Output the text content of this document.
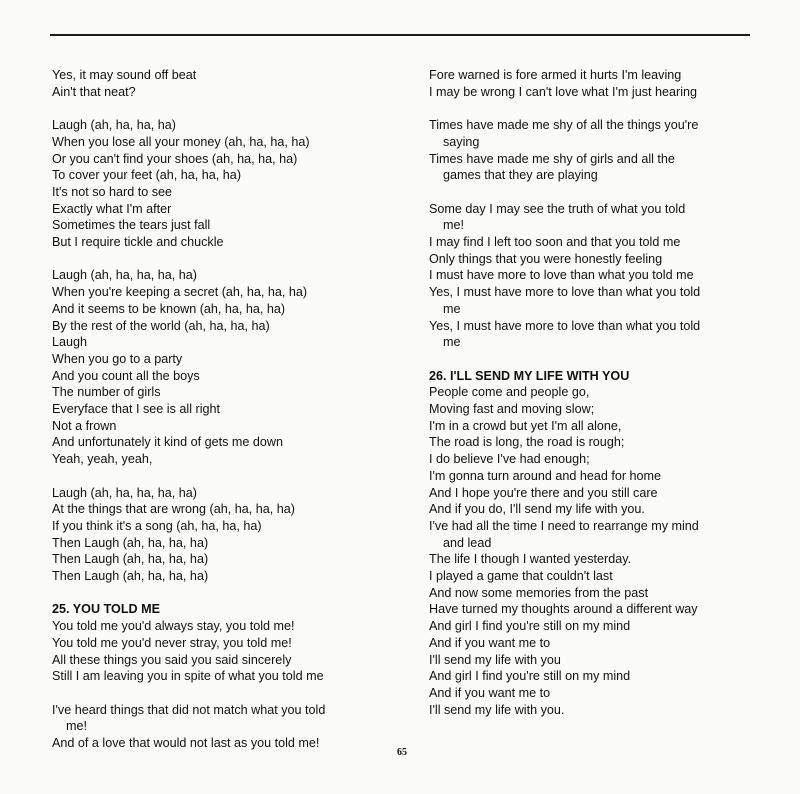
Yes, it may sound off beat
Ain't that neat?
Laugh (ah, ha, ha, ha)
When you lose all your money (ah, ha, ha, ha)
Or you can't find your shoes (ah, ha, ha, ha)
To cover your feet (ah, ha, ha, ha)
It's not so hard to see
Exactly what I'm after
Sometimes the tears just fall
But I require tickle and chuckle
Laugh (ah, ha, ha, ha, ha)
When you're keeping a secret (ah, ha, ha, ha)
And it seems to be known (ah, ha, ha, ha)
By the rest of the world (ah, ha, ha, ha)
Laugh
When you go to a party
And you count all the boys
The number of girls
Everyface that I see is all right
Not a frown
And unfortunately it kind of gets me down
Yeah, yeah, yeah,
Laugh (ah, ha, ha, ha, ha)
At the things that are wrong (ah, ha, ha, ha)
If you think it's a song (ah, ha, ha, ha)
Then Laugh (ah, ha, ha, ha)
Then Laugh (ah, ha, ha, ha)
Then Laugh (ah, ha, ha, ha)
25. YOU TOLD ME
You told me you'd always stay, you told me!
You told me you'd never stray, you told me!
All these things you said you said sincerely
Still I am leaving you in spite of what you told me
I've heard things that did not match what you told
me!
And of a love that would not last as you told me!
Fore warned is fore armed it hurts I'm leaving
I may be wrong I can't love what I'm just hearing
Times have made me shy of all the things you're
saying
Times have made me shy of girls and all the
games that they are playing
Some day I may see the truth of what you told
me!
I may find I left too soon and that you told me
Only things that you were honestly feeling
I must have more to love than what you told me
Yes, I must have more to love than what you told
me
Yes, I must have more to love than what you told
me
26. I'LL SEND MY LIFE WITH YOU
People come and people go,
Moving fast and moving slow;
I'm in a crowd but yet I'm all alone,
The road is long, the road is rough;
I do believe I've had enough;
I'm gonna turn around and head for home
And I hope you're there and you still care
And if you do, I'll send my life with you.
I've had all the time I need to rearrange my mind
and lead
The life I though I wanted yesterday.
I played a game that couldn't last
And now some memories from the past
Have turned my thoughts around a different way
And girl I find you're still on my mind
And if you want me to
I'll send my life with you
And girl I find you're still on my mind
And if you want me to
I'll send my life with you.
65
